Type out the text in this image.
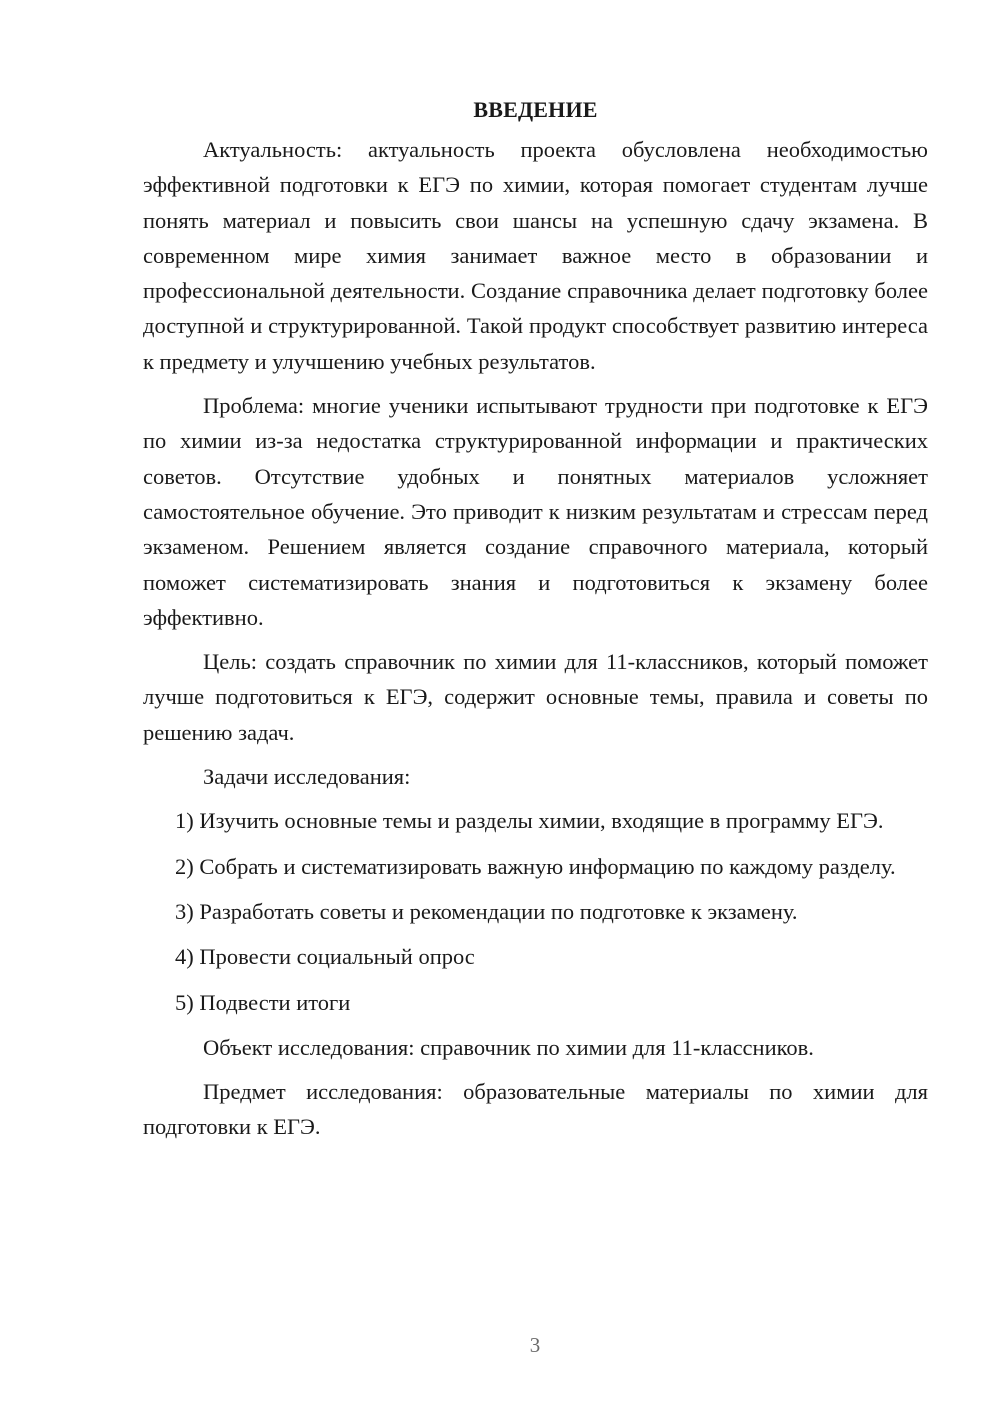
ВВЕДЕНИЕ

Актуальность: актуальность проекта обусловлена необходимостью эффективной подготовки к ЕГЭ по химии, которая помогает студентам лучше понять материал и повысить свои шансы на успешную сдачу экзамена. В современном мире химия занимает важное место в образовании и профессиональной деятельности. Создание справочника делает подготовку более доступной и структурированной. Такой продукт способствует развитию интереса к предмету и улучшению учебных результатов.

Проблема: многие ученики испытывают трудности при подготовке к ЕГЭ по химии из-за недостатка структурированной информации и практических советов. Отсутствие удобных и понятных материалов усложняет самостоятельное обучение. Это приводит к низким результатам и стрессам перед экзаменом. Решением является создание справочного материала, который поможет систематизировать знания и подготовиться к экзамену более эффективно.

Цель: создать справочник по химии для 11-классников, который поможет лучше подготовиться к ЕГЭ, содержит основные темы, правила и советы по решению задач.

Задачи исследования:

1) Изучить основные темы и разделы химии, входящие в программу ЕГЭ.

2) Собрать и систематизировать важную информацию по каждому разделу.

3) Разработать советы и рекомендации по подготовке к экзамену.

4) Провести социальный опрос

5) Подвести итоги

Объект исследования: справочник по химии для 11-классников.

Предмет исследования: образовательные материалы по химии для подготовки к ЕГЭ.

3
